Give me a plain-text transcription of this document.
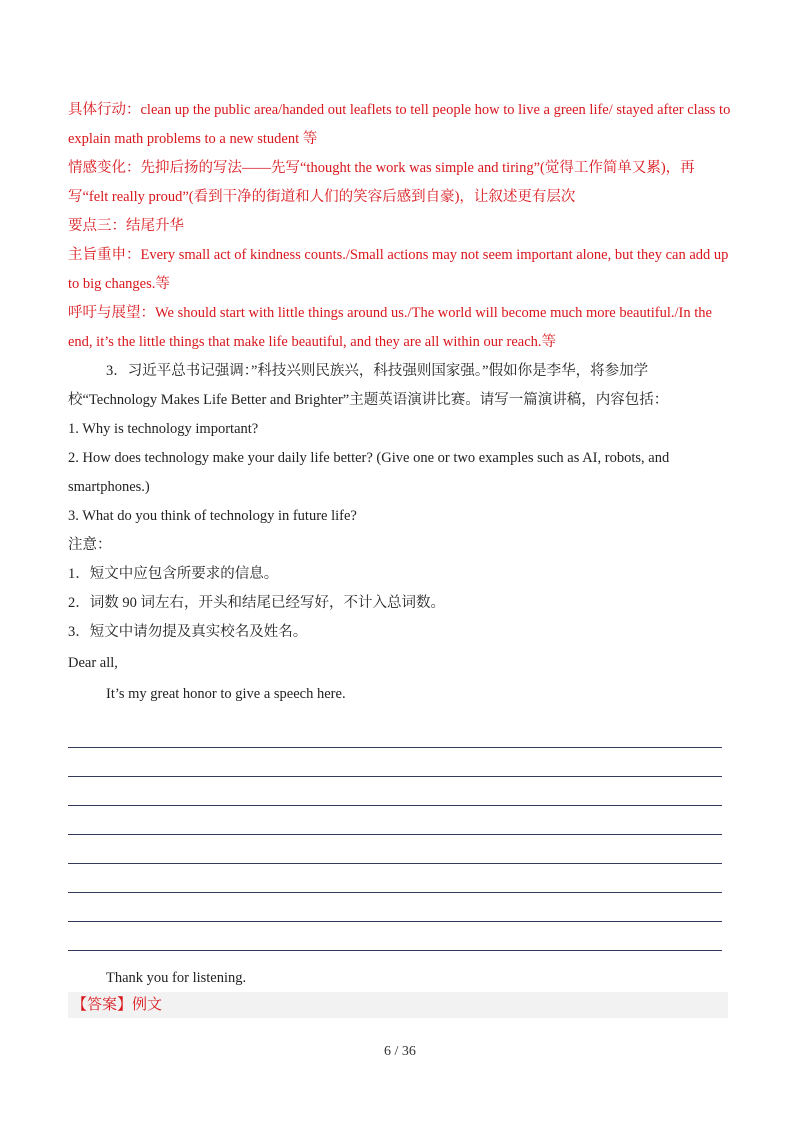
具体行动：clean up the public area/handed out leaflets to tell people how to live a green life/ stayed after class to explain math problems to a new student 等

情感变化：先抑后扬的写法——先写“thought the work was simple and tiring”(觉得工作简单又累)，再写“felt really proud”(看到干净的街道和人们的笑容后感到自豪)，让叙述更有层次

要点三：结尾升华

主旨重申：Every small act of kindness counts./Small actions may not seem important alone, but they can add up to big changes.等

呼吁与展望：We should start with little things around us./The world will become much more beautiful./In the end, it’s the little things that make life beautiful, and they are all within our reach.等

3．习近平总书记强调：”科技兴则民族兴，科技强则国家强。”假如你是李华，将参加学校“Technology Makes Life Better and Brighter”主题英语演讲比赛。请写一篇演讲稿，内容包括：

1. Why is technology important?

2. How does technology make your daily life better? (Give one or two examples such as AI, robots, and smartphones.)

3. What do you think of technology in future life?

注意：

1．短文中应包含所要求的信息。

2．词数 90 词左右，开头和结尾已经写好，不计入总词数。

3．短文中请勿提及真实校名及姓名。

Dear all,

It’s my great honor to give a speech here.

Thank you for listening.
【答案】例文
6 / 36
